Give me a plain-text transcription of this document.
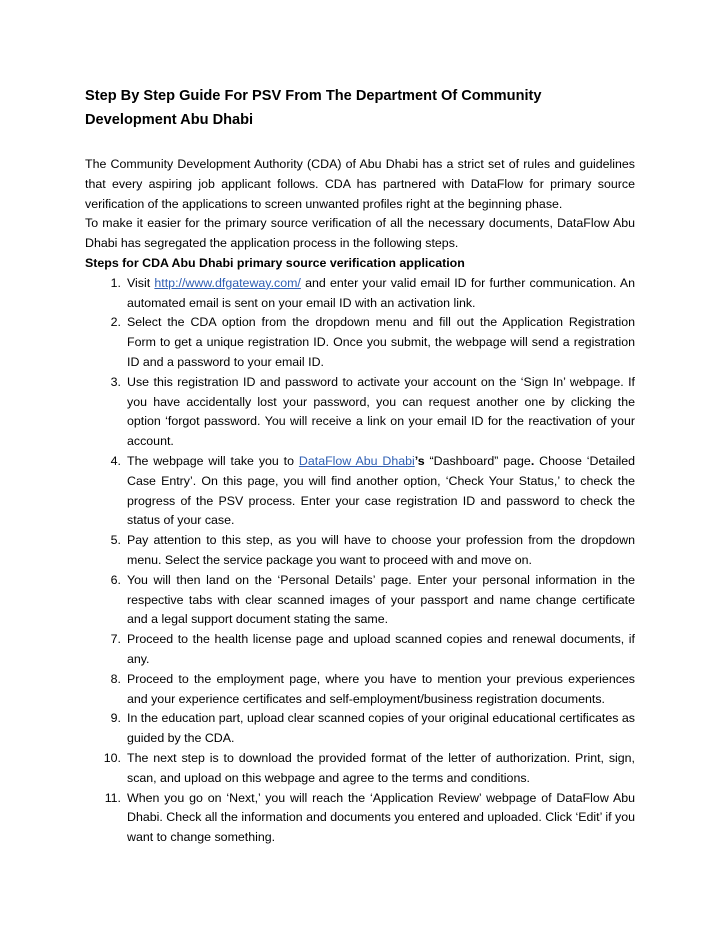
Step By Step Guide For PSV From The Department Of Community Development Abu Dhabi

The Community Development Authority (CDA) of Abu Dhabi has a strict set of rules and guidelines that every aspiring job applicant follows. CDA has partnered with DataFlow for primary source verification of the applications to screen unwanted profiles right at the beginning phase.

To make it easier for the primary source verification of all the necessary documents, DataFlow Abu Dhabi has segregated the application process in the following steps.

Steps for CDA Abu Dhabi primary source verification application

1. Visit http://www.dfgateway.com/ and enter your valid email ID for further communication. An automated email is sent on your email ID with an activation link.
2. Select the CDA option from the dropdown menu and fill out the Application Registration Form to get a unique registration ID. Once you submit, the webpage will send a registration ID and a password to your email ID.
3. Use this registration ID and password to activate your account on the ‘Sign In’ webpage. If you have accidentally lost your password, you can request another one by clicking the option ‘forgot password. You will receive a link on your email ID for the reactivation of your account.
4. The webpage will take you to DataFlow Abu Dhabi’s “Dashboard” page. Choose ‘Detailed Case Entry’. On this page, you will find another option, ‘Check Your Status,’ to check the progress of the PSV process. Enter your case registration ID and password to check the status of your case.
5. Pay attention to this step, as you will have to choose your profession from the dropdown menu. Select the service package you want to proceed with and move on.
6. You will then land on the ‘Personal Details’ page. Enter your personal information in the respective tabs with clear scanned images of your passport and name change certificate and a legal support document stating the same.
7. Proceed to the health license page and upload scanned copies and renewal documents, if any.
8. Proceed to the employment page, where you have to mention your previous experiences and your experience certificates and self-employment/business registration documents.
9. In the education part, upload clear scanned copies of your original educational certificates as guided by the CDA.
10. The next step is to download the provided format of the letter of authorization. Print, sign, scan, and upload on this webpage and agree to the terms and conditions.
11. When you go on ‘Next,’ you will reach the ‘Application Review’ webpage of DataFlow Abu Dhabi. Check all the information and documents you entered and uploaded. Click ‘Edit’ if you want to change something.
